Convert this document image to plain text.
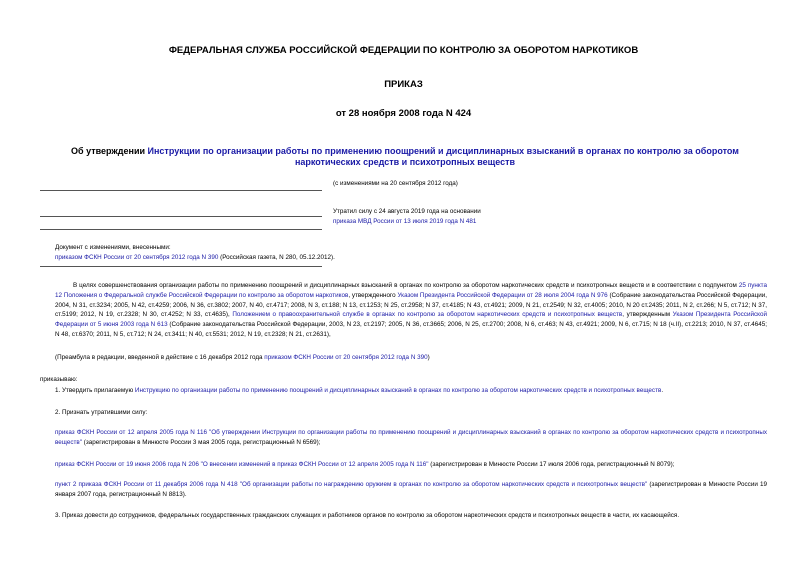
ФЕДЕРАЛЬНАЯ СЛУЖБА РОССИЙСКОЙ ФЕДЕРАЦИИ ПО КОНТРОЛЮ ЗА ОБОРОТОМ НАРКОТИКОВ
ПРИКАЗ
от 28 ноября 2008 года N 424
Об утверждении Инструкции по организации работы по применению поощрений и дисциплинарных взысканий в органах по контролю за оборотом наркотических средств и психотропных веществ
(с изменениями на 20 сентября 2012 года)
Утратил силу с 24 августа 2019 года на основании
приказа МВД России от 13 июля 2019 года N 481
Документ с изменениями, внесенными:
приказом ФСКН России от 20 сентября 2012 года N 390 (Российская газета, N 280, 05.12.2012).
В целях совершенствования организации работы по применению поощрений и дисциплинарных взысканий в органах по контролю за оборотом наркотических средств и психотропных веществ и в соответствии с подпунктом 25 пункта 12 Положения о Федеральной службе Российской Федерации по контролю за оборотом наркотиков, утвержденного Указом Президента Российской Федерации от 28 июля 2004 года N 976 (Собрание законодательства Российской Федерации, 2004, N 31, ст.3234; 2005, N 42, ст.4259; 2006, N 36, ст.3802; 2007, N 40, ст.4717; 2008, N 3, ст.188; N 13, ст.1253; N 25, ст.2958; N 37, ст.4185; N 43, ст.4921; 2009, N 21, ст.2549; N 32, ст.4005; 2010, N 20 ст.2435; 2011, N 2, ст.266; N 5, ст.712; N 37, ст.5199; 2012, N 19, ст.2328; N 30, ст.4252; N 33, ст.4635), Положением о правоохранительной службе в органах по контролю за оборотом наркотических средств и психотропных веществ, утвержденным Указом Президента Российской Федерации от 5 июня 2003 года N 613 (Собрание законодательства Российской Федерации, 2003, N 23, ст.2197; 2005, N 36, ст.3665; 2006, N 25, ст.2700; 2008, N 6, ст.463; N 43, ст.4921; 2009, N 6, ст.715; N 18 (ч.II), ст.2213; 2010, N 37, ст.4645; N 48, ст.6370; 2011, N 5, ст.712; N 24, ст.3411; N 40, ст.5531; 2012, N 19, ст.2328; N 21, ст.2631),
(Преамбула в редакции, введенной в действие с 16 декабря 2012 года приказом ФСКН России от 20 сентября 2012 года N 390)
приказываю:
1. Утвердить прилагаемую Инструкцию по организации работы по применению поощрений и дисциплинарных взысканий в органах по контролю за оборотом наркотических средств и психотропных веществ.
2. Признать утратившими силу:
приказ ФСКН России от 12 апреля 2005 года N 116 "Об утверждении Инструкции по организации работы по применению поощрений и дисциплинарных взысканий в органах по контролю за оборотом наркотических средств и психотропных веществ" (зарегистрирован в Минюсте России 3 мая 2005 года, регистрационный N 6569);
приказ ФСКН России от 19 июня 2006 года N 206 "О внесении изменений в приказ ФСКН России от 12 апреля 2005 года N 116" (зарегистрирован в Минюсте России 17 июля 2006 года, регистрационный N 8079);
пункт 2 приказа ФСКН России от 11 декабря 2006 года N 418 "Об организации работы по награждению оружием в органах по контролю за оборотом наркотических средств и психотропных веществ" (зарегистрирован в Минюсте России 19 января 2007 года, регистрационный N 8813).
3. Приказ довести до сотрудников, федеральных государственных гражданских служащих и работников органов по контролю за оборотом наркотических средств и психотропных веществ в части, их касающейся.
